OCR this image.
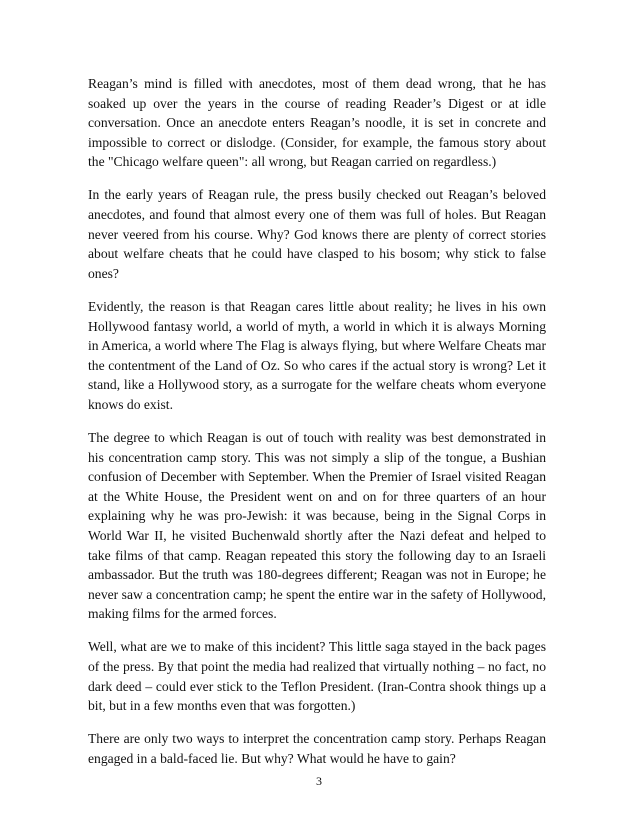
Reagan’s mind is filled with anecdotes, most of them dead wrong, that he has soaked up over the years in the course of reading Reader’s Digest or at idle conversation. Once an anecdote enters Reagan’s noodle, it is set in concrete and impossible to correct or dislodge. (Consider, for example, the famous story about the "Chicago welfare queen": all wrong, but Reagan carried on regardless.)

In the early years of Reagan rule, the press busily checked out Reagan’s beloved anecdotes, and found that almost every one of them was full of holes. But Reagan never veered from his course. Why? God knows there are plenty of correct stories about welfare cheats that he could have clasped to his bosom; why stick to false ones?

Evidently, the reason is that Reagan cares little about reality; he lives in his own Hollywood fantasy world, a world of myth, a world in which it is always Morning in America, a world where The Flag is always flying, but where Welfare Cheats mar the contentment of the Land of Oz. So who cares if the actual story is wrong? Let it stand, like a Hollywood story, as a surrogate for the welfare cheats whom everyone knows do exist.

The degree to which Reagan is out of touch with reality was best demonstrated in his concentration camp story. This was not simply a slip of the tongue, a Bushian confusion of December with September. When the Premier of Israel visited Reagan at the White House, the President went on and on for three quarters of an hour explaining why he was pro-Jewish: it was because, being in the Signal Corps in World War II, he visited Buchenwald shortly after the Nazi defeat and helped to take films of that camp. Reagan repeated this story the following day to an Israeli ambassador. But the truth was 180-degrees different; Reagan was not in Europe; he never saw a concentration camp; he spent the entire war in the safety of Hollywood, making films for the armed forces.

Well, what are we to make of this incident? This little saga stayed in the back pages of the press. By that point the media had realized that virtually nothing – no fact, no dark deed – could ever stick to the Teflon President. (Iran-Contra shook things up a bit, but in a few months even that was forgotten.)

There are only two ways to interpret the concentration camp story. Perhaps Reagan engaged in a bald-faced lie. But why? What would he have to gain?

3
